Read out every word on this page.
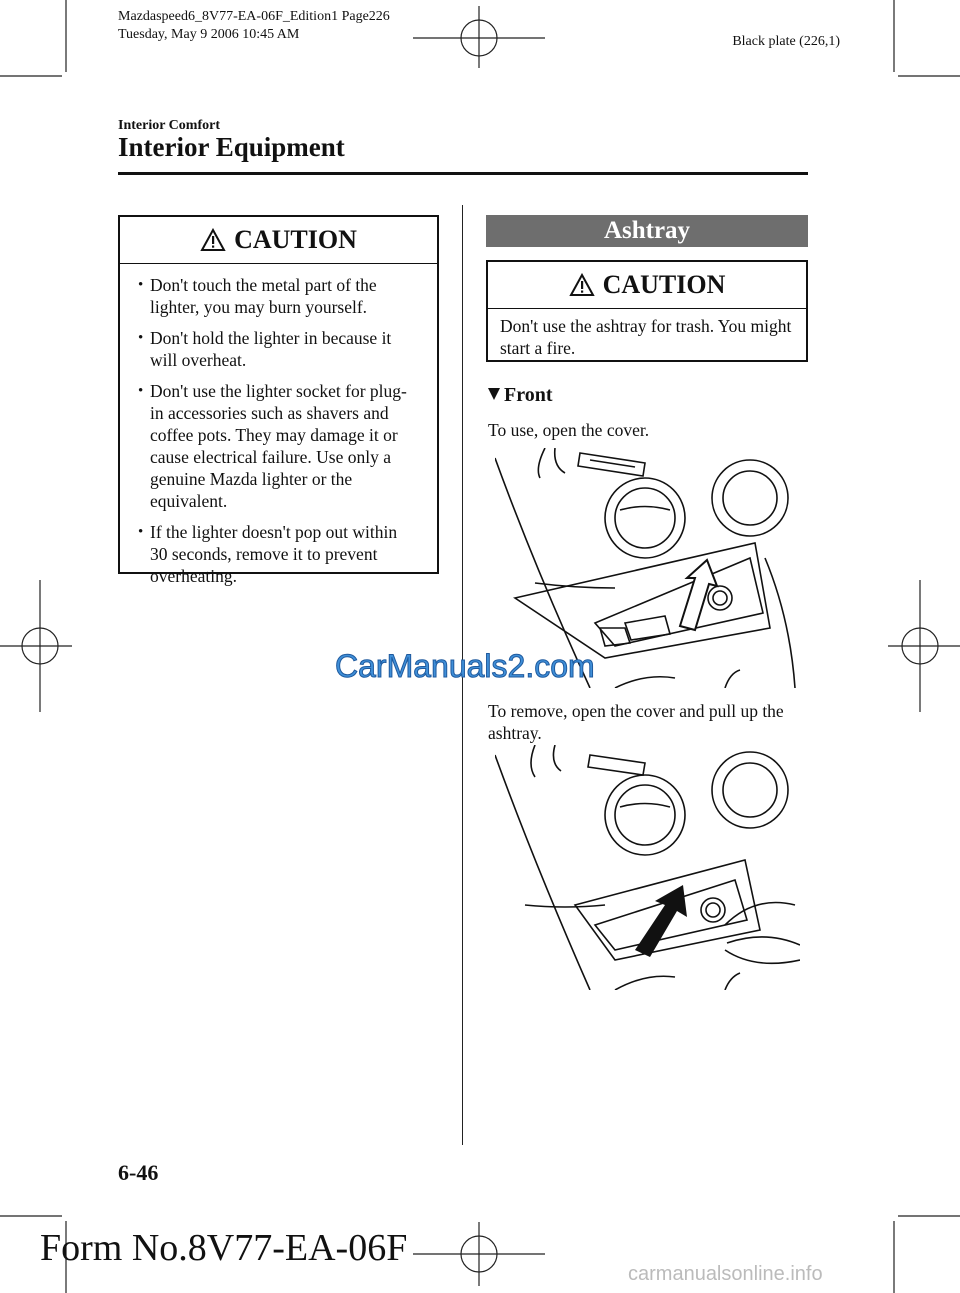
Mazdaspeed6_8V77-EA-06F_Edition1 Page226
Tuesday, May 9 2006 10:45 AM	Black plate (226,1)
Interior Comfort
Interior Equipment
CAUTION
• Don't touch the metal part of the lighter, you may burn yourself.
• Don't hold the lighter in because it will overheat.
• Don't use the lighter socket for plug-in accessories such as shavers and coffee pots. They may damage it or cause electrical failure. Use only a genuine Mazda lighter or the equivalent.
• If the lighter doesn't pop out within 30 seconds, remove it to prevent overheating.
Ashtray
CAUTION
Don't use the ashtray for trash. You might start a fire.
Front
To use, open the cover.
To remove, open the cover and pull up the ashtray.
CarManuals2.com
6-46
Form No.8V77-EA-06F
carmanualsonline.info
